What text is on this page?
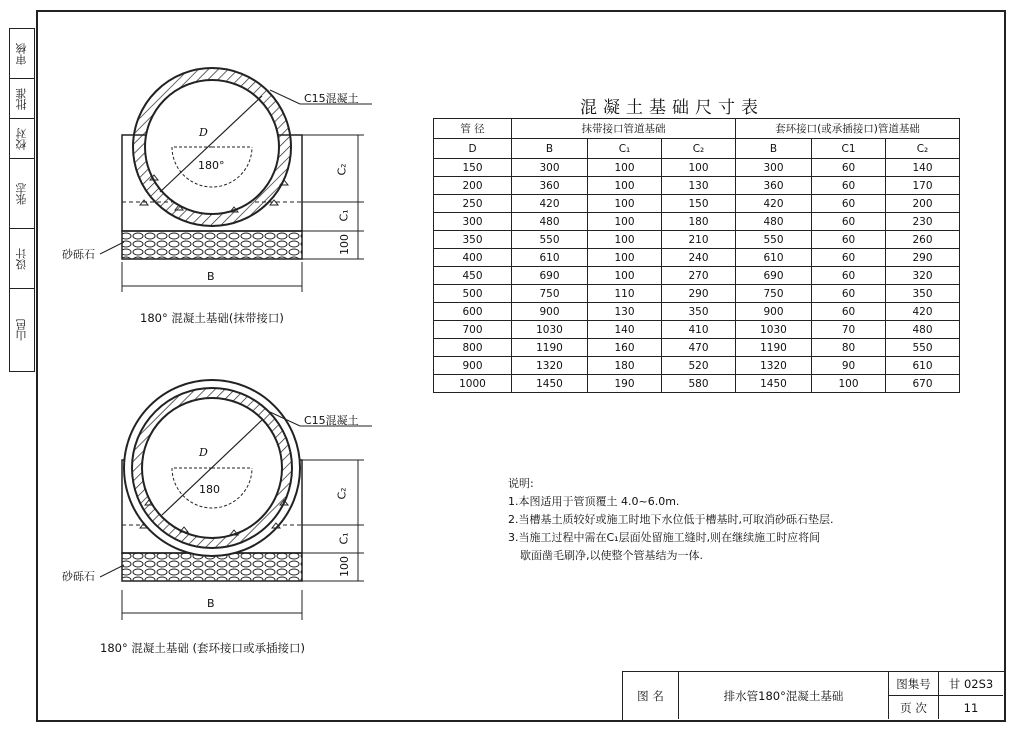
审核
批准
校对
张志
设计
山邑
C15混凝土
D
180°	C₂
C₁
100
砂砾石
B
180° 混凝土基础(抹带接口)
C15混凝土
D
180	C₂
C₁
100
砂砾石
B
180° 混凝土基础 (套环接口或承插接口)
混凝土基础尺寸表
管 径	抹带接口管道基础			套环接口(或承插接口)管道基础		
D	B	C₁	C₂	B	C1	C₂
150	300	100	100	300	60	140
200	360	100	130	360	60	170
250	420	100	150	420	60	200
300	480	100	180	480	60	230
350	550	100	210	550	60	260
400	610	100	240	610	60	290
450	690	100	270	690	60	320
500	750	110	290	750	60	350
600	900	130	350	900	60	420
700	1030	140	410	1030	70	480
800	1190	160	470	1190	80	550
900	1320	180	520	1320	90	610
1000	1450	190	580	1450	100	670
说明:
1.本图适用于管顶覆土 4.0~6.0m.
2.当槽基土质较好或施工时地下水位低于槽基时,可取消砂砾石垫层.
3.当施工过程中需在C₁层面处留施工缝时,则在继续施工时应将间
歇面凿毛刷净,以使整个管基结为一体.
图 名	排水管180°混凝土基础
图集号	甘 02S3
页 次	11
